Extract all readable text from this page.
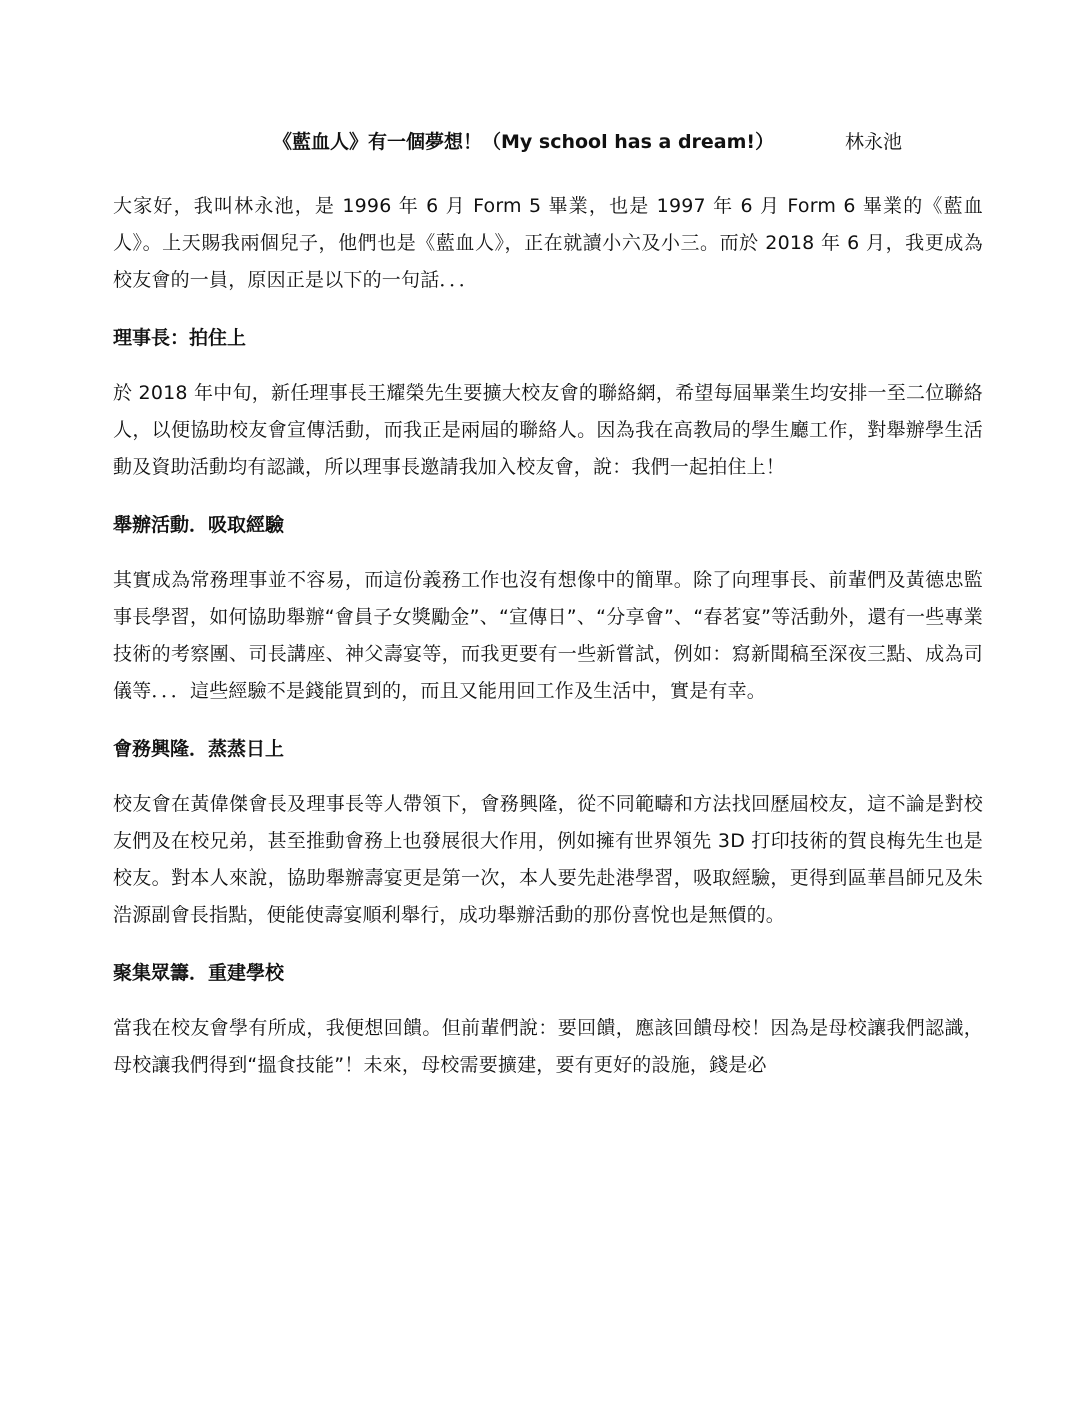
《藍血人》有一個夢想！（My school has a dream!）	林永池

大家好，我叫林永池，是 1996 年 6 月 Form 5 畢業，也是 1997 年 6 月 Form 6 畢業的《藍血人》。上天賜我兩個兒子，他們也是《藍血人》，正在就讀小六及小三。而於 2018 年 6 月，我更成為校友會的一員，原因正是以下的一句話．．．

理事長：拍住上

於 2018 年中旬，新任理事長王耀榮先生要擴大校友會的聯絡網，希望每屆畢業生均安排一至二位聯絡人，以便協助校友會宣傳活動，而我正是兩屆的聯絡人。因為我在高教局的學生廳工作，對舉辦學生活動及資助活動均有認識，所以理事長邀請我加入校友會，說：我們一起拍住上！

舉辦活動．吸取經驗

其實成為常務理事並不容易，而這份義務工作也沒有想像中的簡單。除了向理事長、前輩們及黃德忠監事長學習，如何協助舉辦“會員子女獎勵金”、“宣傳日”、“分享會”、“春茗宴”等活動外，還有一些專業技術的考察團、司長講座、神父壽宴等，而我更要有一些新嘗試，例如：寫新聞稿至深夜三點、成為司儀等．．．這些經驗不是錢能買到的，而且又能用回工作及生活中，實是有幸。

會務興隆．蒸蒸日上

校友會在黃偉傑會長及理事長等人帶領下，會務興隆，從不同範疇和方法找回歷屆校友，這不論是對校友們及在校兄弟，甚至推動會務上也發展很大作用，例如擁有世界領先 3D 打印技術的賀良梅先生也是校友。對本人來說，協助舉辦壽宴更是第一次，本人要先赴港學習，吸取經驗，更得到區華昌師兄及朱浩源副會長指點，便能使壽宴順利舉行，成功舉辦活動的那份喜悅也是無價的。

聚集眾籌．重建學校

當我在校友會學有所成，我便想回饋。但前輩們說：要回饋，應該回饋母校！因為是母校讓我們認識，母校讓我們得到“搵食技能”！未來，母校需要擴建，要有更好的設施，錢是必
